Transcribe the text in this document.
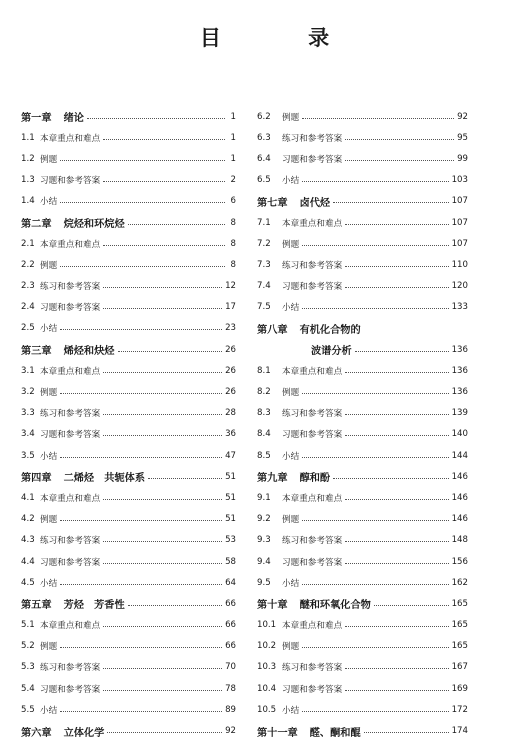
目 录
第一章 绪论	1
1.1 本章重点和难点	1
1.2 例题	1
1.3 习题和参考答案	2
1.4 小结	6
第二章 烷烃和环烷烃	8
2.1 本章重点和难点	8
2.2 例题	8
2.3 练习和参考答案	12
2.4 习题和参考答案	17
2.5 小结	23
第三章 烯烃和炔烃	26
3.1 本章重点和难点	26
3.2 例题	26
3.3 练习和参考答案	28
3.4 习题和参考答案	36
3.5 小结	47
第四章 二烯烃　共轭体系	51
4.1 本章重点和难点	51
4.2 例题	51
4.3 练习和参考答案	53
4.4 习题和参考答案	58
4.5 小结	64
第五章 芳烃　芳香性	66
5.1 本章重点和难点	66
5.2 例题	66
5.3 练习和参考答案	70
5.4 习题和参考答案	78
5.5 小结	89
第六章 立体化学	92
6.2	例题	92
6.3	练习和参考答案	95
6.4	习题和参考答案	99
6.5	小结	103
第七章 卤代烃	107
7.1	本章重点和难点	107
7.2	例题	107
7.3	练习和参考答案	110
7.4	习题和参考答案	120
7.5	小结	133
第八章 有机化合物的
波谱分析	136
8.1	本章重点和难点	136
8.2	例题	136
8.3	练习和参考答案	139
8.4	习题和参考答案	140
8.5	小结	144
第九章 醇和酚	146
9.1	本章重点和难点	146
9.2	例题	146
9.3	练习和参考答案	148
9.4	习题和参考答案	156
9.5	小结	162
第十章 醚和环氧化合物	165
10.1 本章重点和难点	165
10.2 例题	165
10.3 练习和参考答案	167
10.4 习题和参考答案	169
10.5 小结	172
第十一章 醛、酮和醌	174
